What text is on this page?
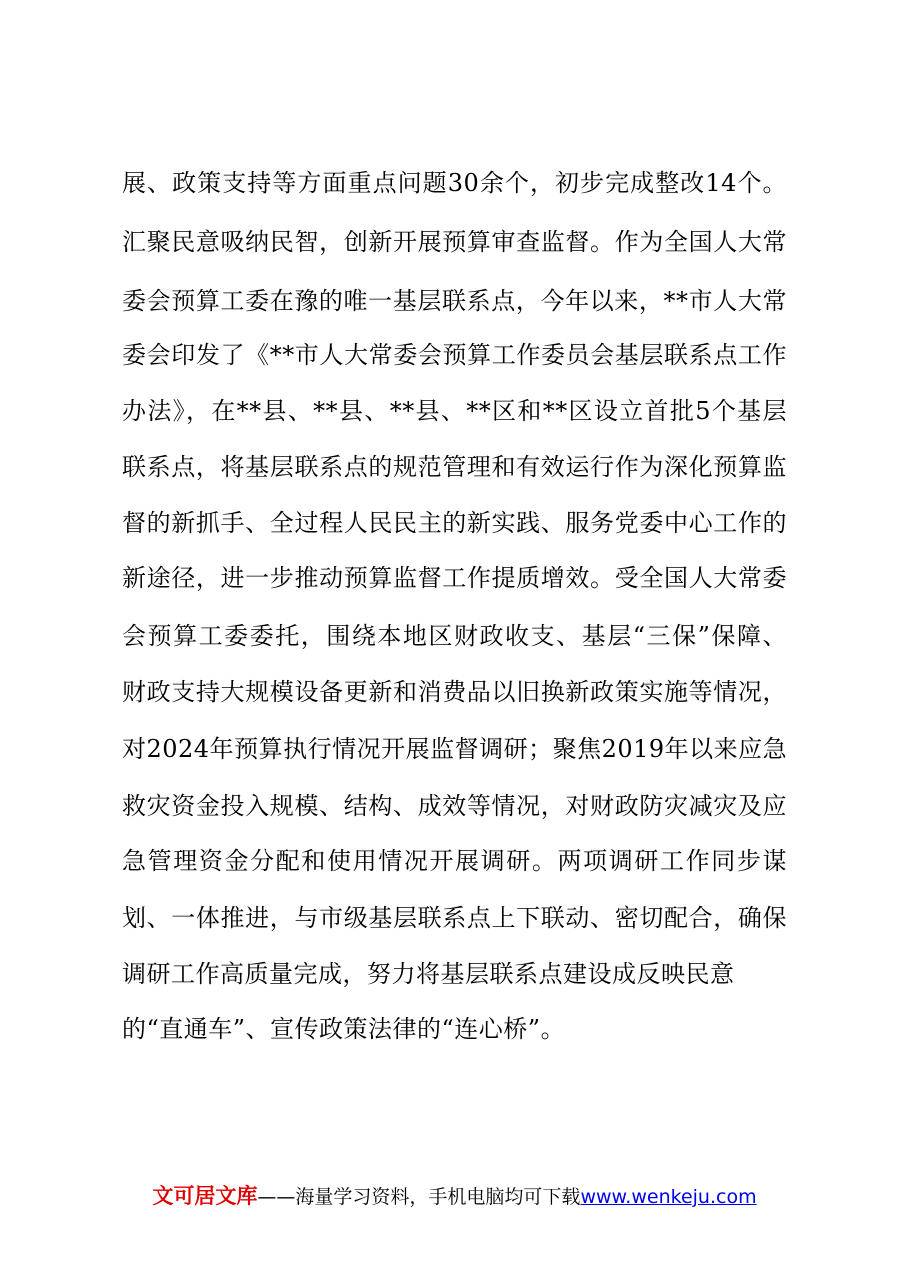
展、政策支持等方面重点问题30余个，初步完成整改14个。
汇聚民意吸纳民智，创新开展预算审查监督。作为全国人大常
委会预算工委在豫的唯一基层联系点，今年以来，**市人大常
委会印发了《**市人大常委会预算工作委员会基层联系点工作
办法》，在**县、**县、**县、**区和**区设立首批5个基层
联系点，将基层联系点的规范管理和有效运行作为深化预算监
督的新抓手、全过程人民民主的新实践、服务党委中心工作的
新途径，进一步推动预算监督工作提质增效。受全国人大常委
会预算工委委托，围绕本地区财政收支、基层“三保”保障、
财政支持大规模设备更新和消费品以旧换新政策实施等情况，
对2024年预算执行情况开展监督调研；聚焦2019年以来应急
救灾资金投入规模、结构、成效等情况，对财政防灾减灾及应
急管理资金分配和使用情况开展调研。两项调研工作同步谋
划、一体推进，与市级基层联系点上下联动、密切配合，确保
调研工作高质量完成，努力将基层联系点建设成反映民意
的“直通车”、宣传政策法律的“连心桥”。
文可居文库——海量学习资料，手机电脑均可下载www.wenkeju.com
